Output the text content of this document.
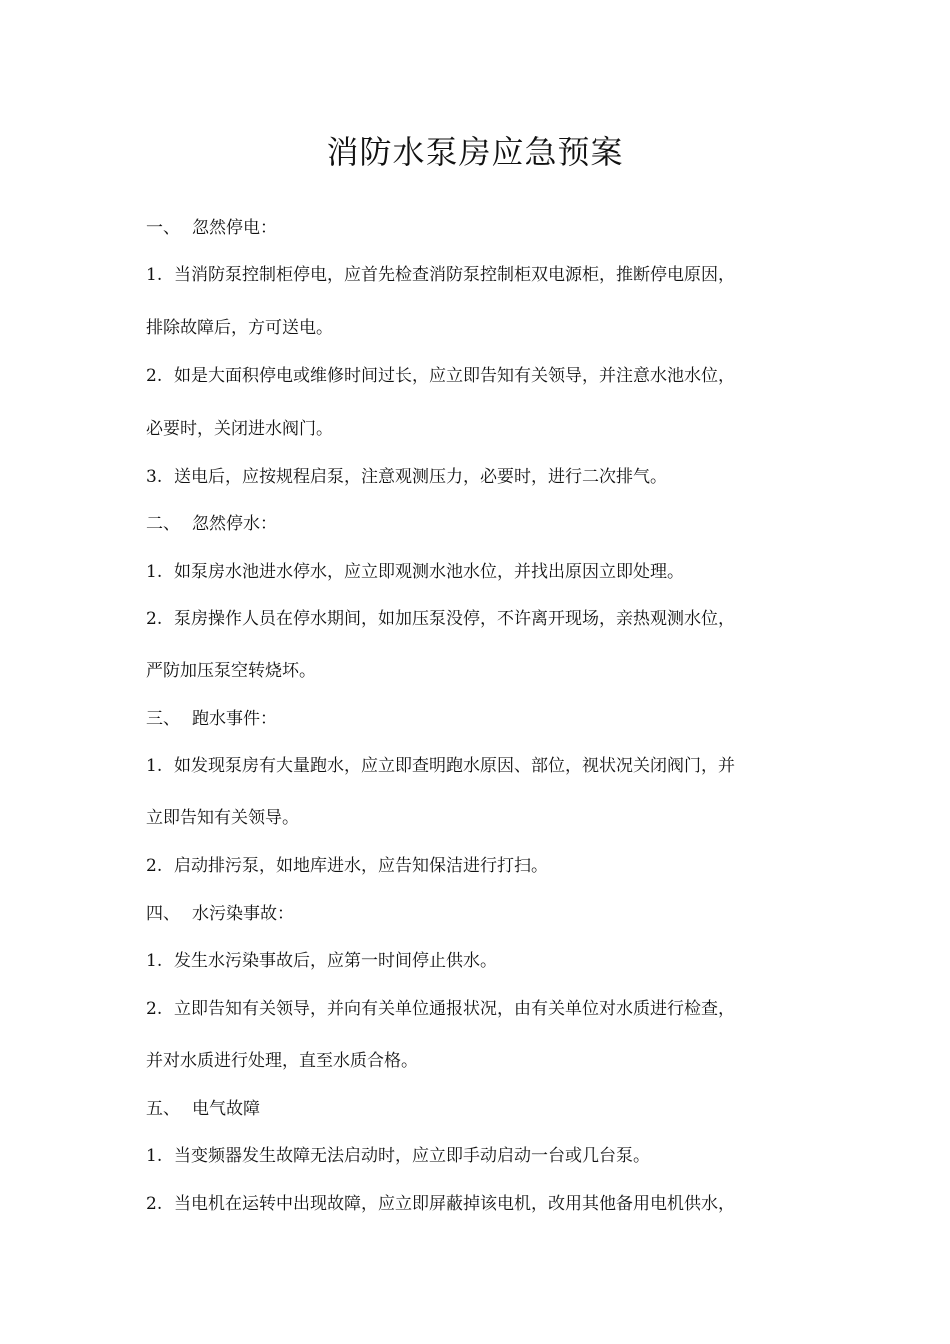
消防水泵房应急预案
一、 忽然停电：
1. 当消防泵控制柜停电，应首先检查消防泵控制柜双电源柜，推断停电原因，
排除故障后，方可送电。
2. 如是大面积停电或维修时间过长，应立即告知有关领导，并注意水池水位，
必要时，关闭进水阀门。
3. 送电后，应按规程启泵，注意观测压力，必要时，进行二次排气。
二、 忽然停水：
1. 如泵房水池进水停水，应立即观测水池水位，并找出原因立即处理。
2. 泵房操作人员在停水期间，如加压泵没停，不许离开现场，亲热观测水位，
严防加压泵空转烧坏。
三、 跑水事件：
1. 如发现泵房有大量跑水，应立即查明跑水原因、部位，视状况关闭阀门，并
立即告知有关领导。
2. 启动排污泵，如地库进水，应告知保洁进行打扫。
四、 水污染事故：
1. 发生水污染事故后，应第一时间停止供水。
2. 立即告知有关领导，并向有关单位通报状况，由有关单位对水质进行检查，
并对水质进行处理，直至水质合格。
五、 电气故障
1. 当变频器发生故障无法启动时，应立即手动启动一台或几台泵。
2. 当电机在运转中出现故障，应立即屏蔽掉该电机，改用其他备用电机供水，
